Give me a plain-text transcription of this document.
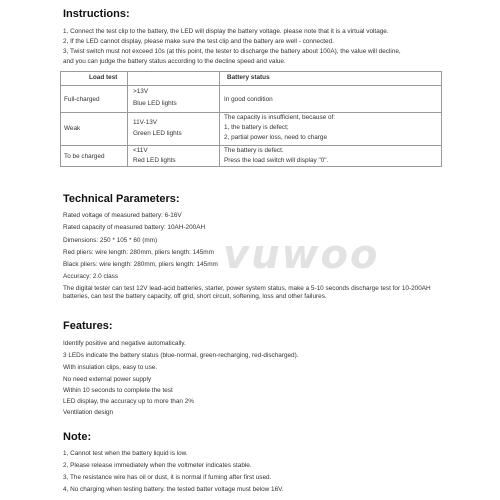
Instructions:
1, Connect the test clip to the battery, the LED will display the battery voltage. please note that it is a virtual voltage.
2, If the LED cannot display, please make sure the test clip and the battery are well - connected.
3, Twist switch must not exceed 10s (at this point, the tester to discharge the battery about 100A), the value will decline,
and you can judge the battery status according to the decline speed and value.
Load test	Battery status
Full-charged
>13V
Blue LED lights
In good condition
Weak
11V-13V
Green LED lights
The capacity is insufficient, because of:
1, the battery is defect;
2, partial power loss, need to charge
To be charged
<11V
Red LED lights
The battery is defect.
Press the load switch will display "0".
Technical Parameters:
Rated voltage of measured battery: 6-16V
Rated capacity of measured battery: 10AH-200AH
Dimensions: 250 * 105 * 60 (mm)
Red pliers: wire length: 280mm, pliers length: 145mm
Black pliers: wire length: 280mm, pliers length: 145mm
Accuracy: 2.0 class
The digital tester can test 12V lead-acid batteries, starter, power system status, make a 5-10 seconds discharge test for 10-200AH batteries, can test the battery capacity, off grid, short circuit, softening, loss and other failures.
Features:
Identify positive and negative automatically.
3 LEDs indicate the battery status (blue-normal, green-recharging, red-discharged).
With insulation clips, easy to use.
No need external power supply
Within 10 seconds to complete the test
LED display, the accuracy up to more than 2%
Ventilation design
Note:
1, Cannot test when the battery liquid is low.
2, Please release immediately when the voltmeter indicates stable.
3, The resistance wire has oil or dust, it is normal if fuming after first used.
4, No charging when testing battery. the tested batter voltage must below 16V.
vuwoo
